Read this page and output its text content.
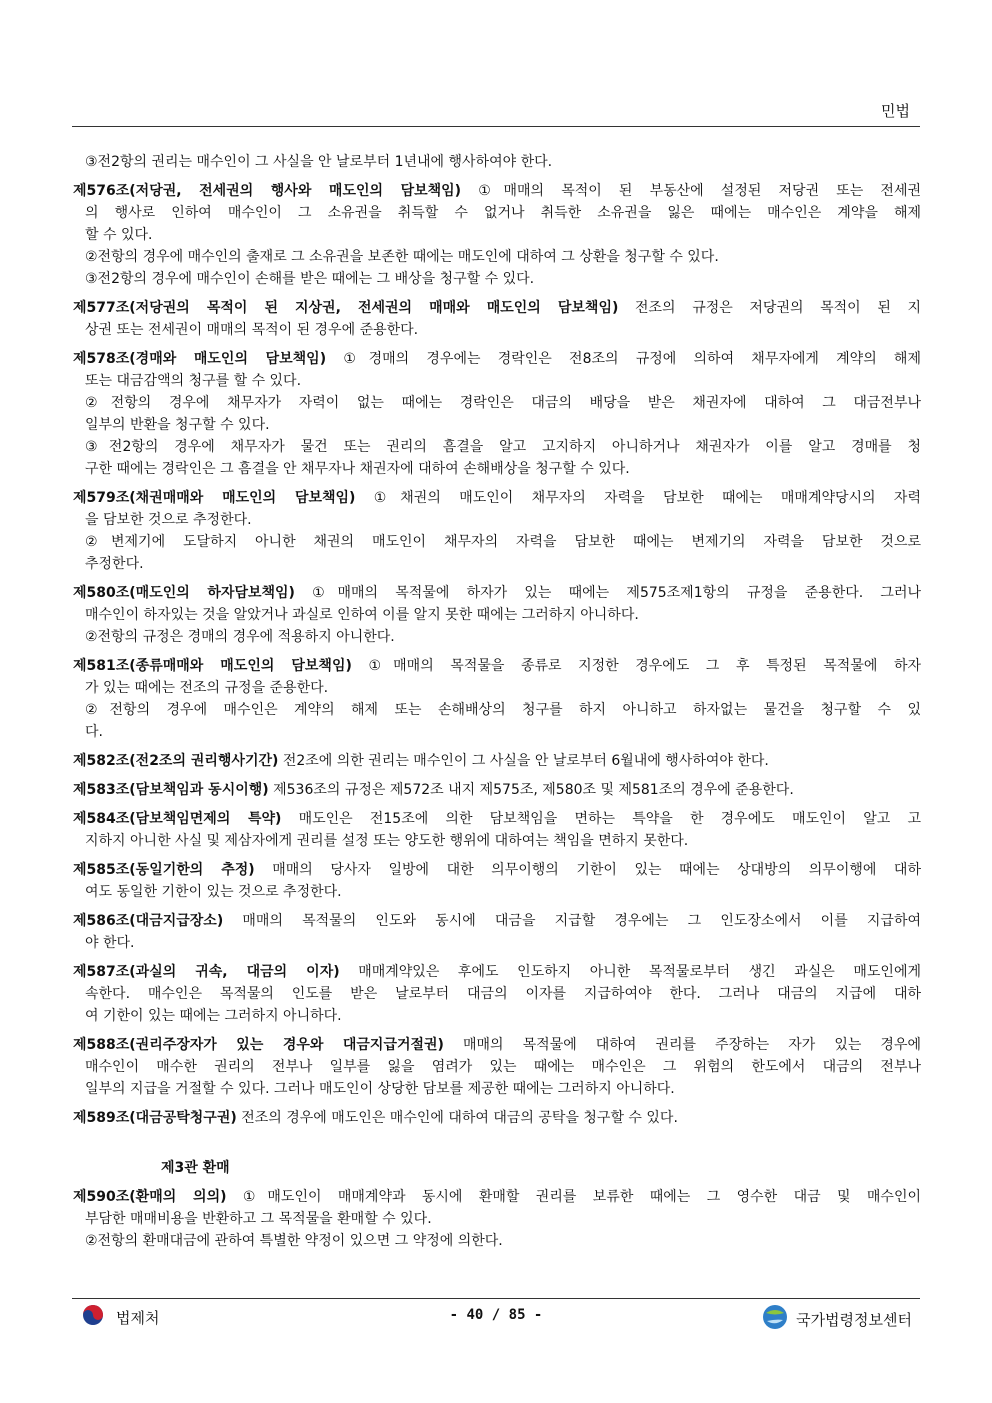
민법
③전2항의 권리는 매수인이 그 사실을 안 날로부터 1년내에 행사하여야 한다.
제576조(저당권, 전세권의 행사와 매도인의 담보책임) ①매매의 목적이 된 부동산에 설정된 저당권 또는 전세권
의 행사로 인하여 매수인이 그 소유권을 취득할 수 없거나 취득한 소유권을 잃은 때에는 매수인은 계약을 해제
할 수 있다.
②전항의 경우에 매수인의 출재로 그 소유권을 보존한 때에는 매도인에 대하여 그 상환을 청구할 수 있다.
③전2항의 경우에 매수인이 손해를 받은 때에는 그 배상을 청구할 수 있다.
제577조(저당권의 목적이 된 지상권, 전세권의 매매와 매도인의 담보책임) 전조의 규정은 저당권의 목적이 된 지
상권 또는 전세권이 매매의 목적이 된 경우에 준용한다.
제578조(경매와 매도인의 담보책임) ①경매의 경우에는 경락인은 전8조의 규정에 의하여 채무자에게 계약의 해제
또는 대금감액의 청구를 할 수 있다.
②전항의 경우에 채무자가 자력이 없는 때에는 경락인은 대금의 배당을 받은 채권자에 대하여 그 대금전부나
일부의 반환을 청구할 수 있다.
③전2항의 경우에 채무자가 물건 또는 권리의 흠결을 알고 고지하지 아니하거나 채권자가 이를 알고 경매를 청
구한 때에는 경락인은 그 흠결을 안 채무자나 채권자에 대하여 손해배상을 청구할 수 있다.
제579조(채권매매와 매도인의 담보책임) ①채권의 매도인이 채무자의 자력을 담보한 때에는 매매계약당시의 자력
을 담보한 것으로 추정한다.
②변제기에 도달하지 아니한 채권의 매도인이 채무자의 자력을 담보한 때에는 변제기의 자력을 담보한 것으로
추정한다.
제580조(매도인의 하자담보책임) ①매매의 목적물에 하자가 있는 때에는 제575조제1항의 규정을 준용한다. 그러나
매수인이 하자있는 것을 알았거나 과실로 인하여 이를 알지 못한 때에는 그러하지 아니하다.
②전항의 규정은 경매의 경우에 적용하지 아니한다.
제581조(종류매매와 매도인의 담보책임) ①매매의 목적물을 종류로 지정한 경우에도 그 후 특정된 목적물에 하자
가 있는 때에는 전조의 규정을 준용한다.
②전항의 경우에 매수인은 계약의 해제 또는 손해배상의 청구를 하지 아니하고 하자없는 물건을 청구할 수 있
다.
제582조(전2조의 권리행사기간) 전2조에 의한 권리는 매수인이 그 사실을 안 날로부터 6월내에 행사하여야 한다.
제583조(담보책임과 동시이행) 제536조의 규정은 제572조 내지 제575조, 제580조 및 제581조의 경우에 준용한다.
제584조(담보책임면제의 특약) 매도인은 전15조에 의한 담보책임을 면하는 특약을 한 경우에도 매도인이 알고 고
지하지 아니한 사실 및 제삼자에게 권리를 설정 또는 양도한 행위에 대하여는 책임을 면하지 못한다.
제585조(동일기한의 추정) 매매의 당사자 일방에 대한 의무이행의 기한이 있는 때에는 상대방의 의무이행에 대하
여도 동일한 기한이 있는 것으로 추정한다.
제586조(대금지급장소) 매매의 목적물의 인도와 동시에 대금을 지급할 경우에는 그 인도장소에서 이를 지급하여
야 한다.
제587조(과실의 귀속, 대금의 이자) 매매계약있은 후에도 인도하지 아니한 목적물로부터 생긴 과실은 매도인에게
속한다. 매수인은 목적물의 인도를 받은 날로부터 대금의 이자를 지급하여야 한다. 그러나 대금의 지급에 대하
여 기한이 있는 때에는 그러하지 아니하다.
제588조(권리주장자가 있는 경우와 대금지급거절권) 매매의 목적물에 대하여 권리를 주장하는 자가 있는 경우에
매수인이 매수한 권리의 전부나 일부를 잃을 염려가 있는 때에는 매수인은 그 위험의 한도에서 대금의 전부나
일부의 지급을 거절할 수 있다. 그러나 매도인이 상당한 담보를 제공한 때에는 그러하지 아니하다.
제589조(대금공탁청구권) 전조의 경우에 매도인은 매수인에 대하여 대금의 공탁을 청구할 수 있다.
제3관 환매
제590조(환매의 의의) ①매도인이 매매계약과 동시에 환매할 권리를 보류한 때에는 그 영수한 대금 및 매수인이
부담한 매매비용을 반환하고 그 목적물을 환매할 수 있다.
②전항의 환매대금에 관하여 특별한 약정이 있으면 그 약정에 의한다.
법제처	- 40 / 85 -	국가법령정보센터
